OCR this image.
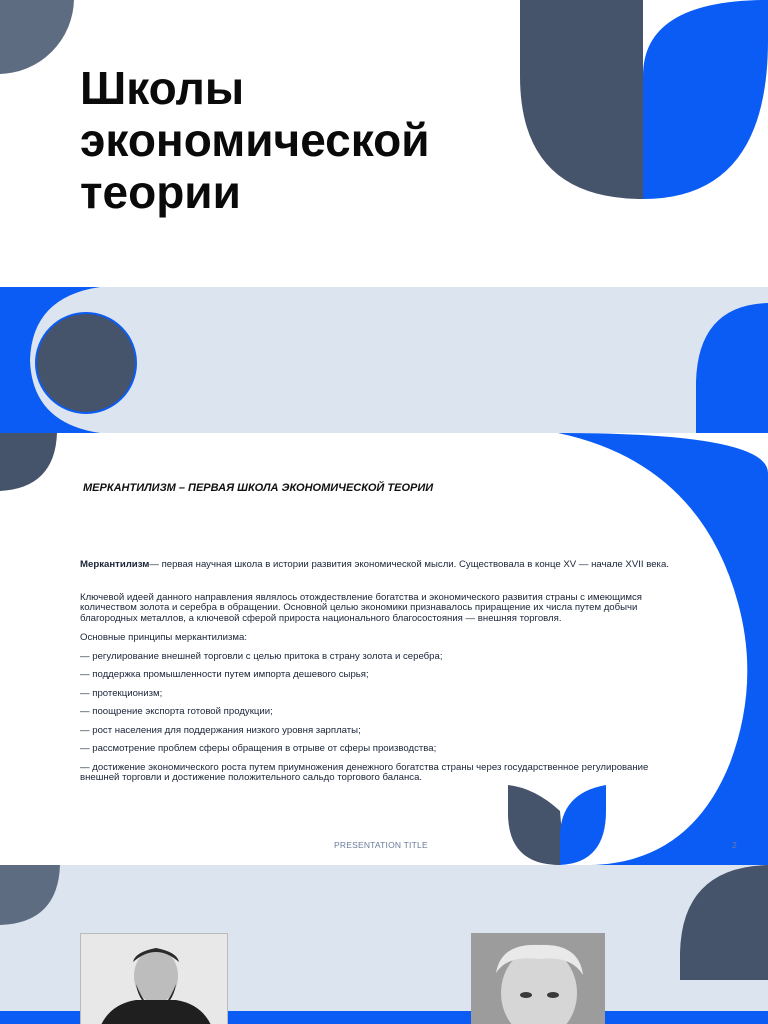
Школы
экономической
теории

МЕРКАНТИЛИЗМ – ПЕРВАЯ ШКОЛА ЭКОНОМИЧЕСКОЙ ТЕОРИИ

Меркантилизм— первая научная школа в истории развития экономической мысли. Существовала в конце XV — начале XVII века.

Ключевой идеей данного направления являлось отождествление богатства и экономического развития страны с имеющимся количеством золота и серебра в обращении. Основной целью экономики признавалось приращение их числа путем добычи благородных металлов, а ключевой сферой прироста национального благосостояния — внешняя торговля.

Основные принципы меркантилизма:

— регулирование внешней торговли с целью притока в страну золота и серебра;
— поддержка промышленности путем импорта дешевого сырья;
— протекционизм;
— поощрение экспорта готовой продукции;
— рост населения для поддержания низкого уровня зарплаты;
— рассмотрение проблем сферы обращения в отрыве от сферы производства;
— достижение экономического роста путем приумножения денежного богатства страны через государственное регулирование внешней торговли и достижение положительного сальдо торгового баланса.

PRESENTATION TITLE	2
